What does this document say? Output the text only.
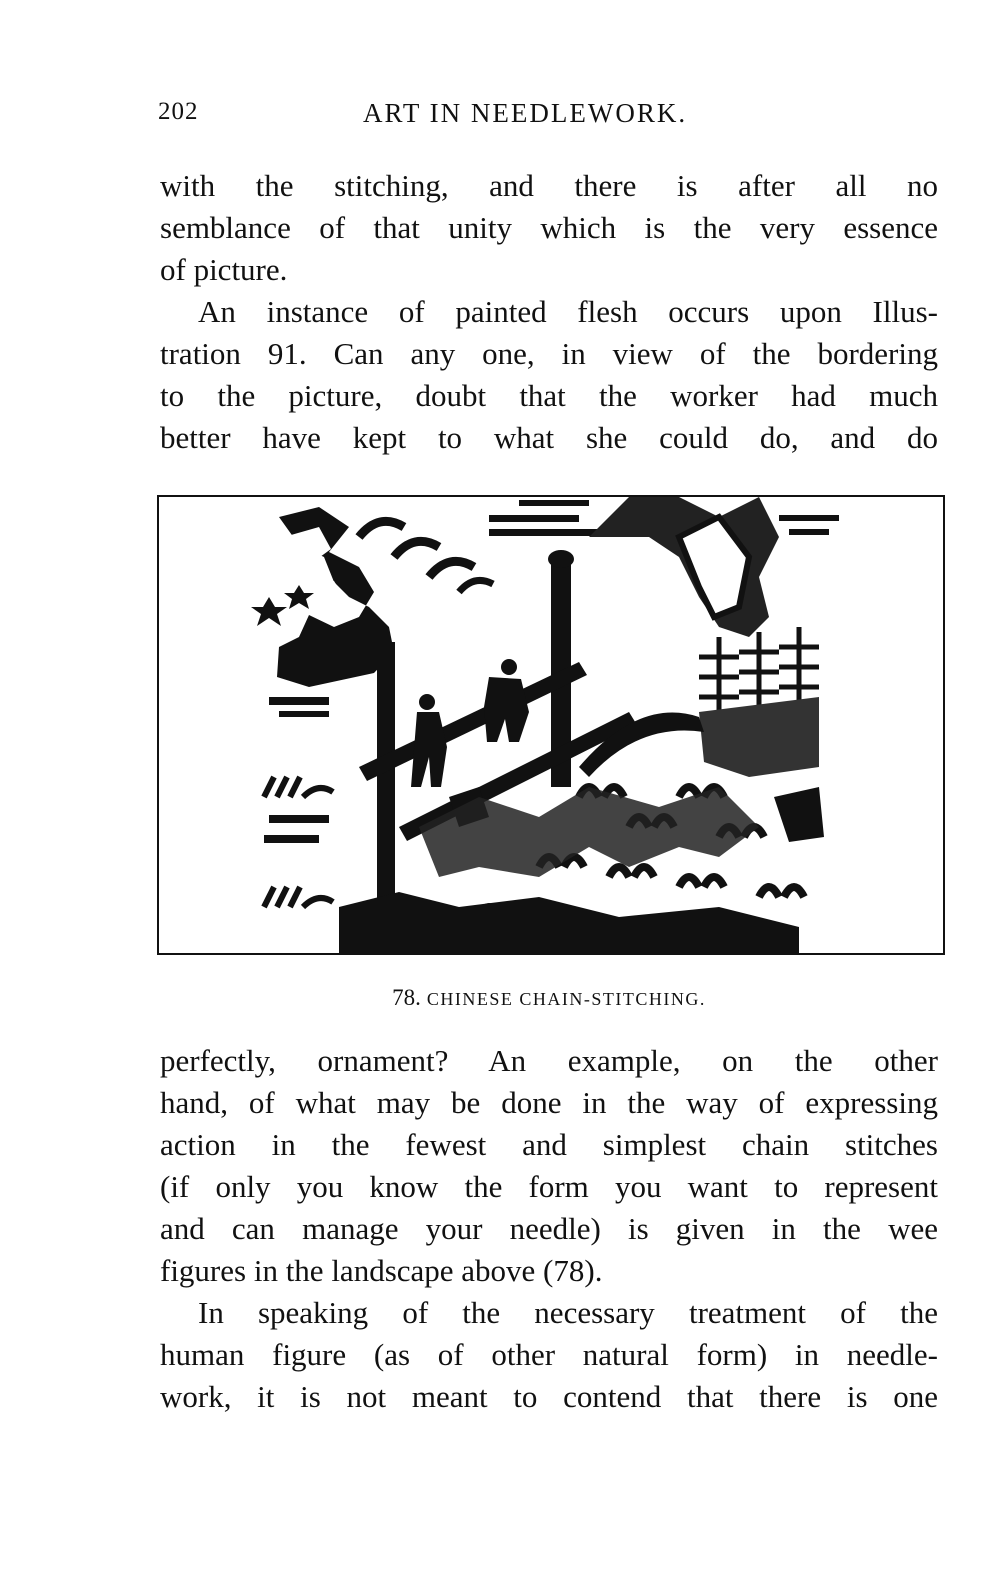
202	ART IN NEEDLEWORK.

with the stitching, and there is after all no
semblance of that unity which is the very essence
of picture.

An instance of painted flesh occurs upon Illus-
tration 91. Can any one, in view of the bordering
to the picture, doubt that the worker had much
better have kept to what she could do, and do

78. CHINESE CHAIN-STITCHING.

perfectly, ornament? An example, on the other
hand, of what may be done in the way of expressing
action in the fewest and simplest chain stitches
(if only you know the form you want to represent
and can manage your needle) is given in the wee
figures in the landscape above (78).

In speaking of the necessary treatment of the
human figure (as of other natural form) in needle-
work, it is not meant to contend that there is one
